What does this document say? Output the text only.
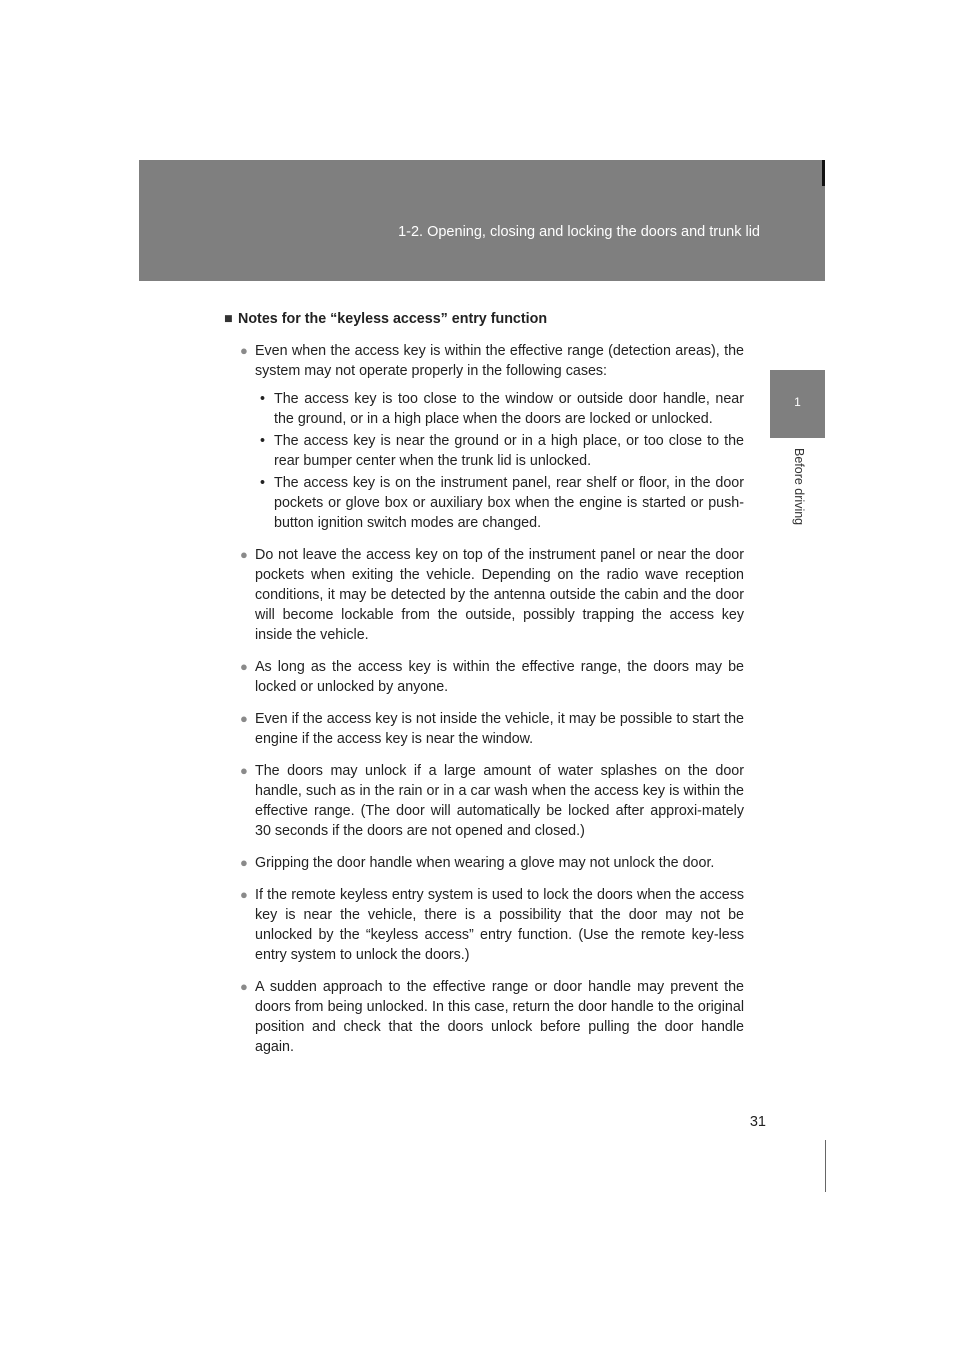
1-2. Opening, closing and locking the doors and trunk lid
1
Before driving
■ Notes for the “keyless access” entry function
● Even when the access key is within the effective range (detection areas), the system may not operate properly in the following cases:
• The access key is too close to the window or outside door handle, near the ground, or in a high place when the doors are locked or unlocked.
• The access key is near the ground or in a high place, or too close to the rear bumper center when the trunk lid is unlocked.
• The access key is on the instrument panel, rear shelf or floor, in the door pockets or glove box or auxiliary box when the engine is started or push-button ignition switch modes are changed.
● Do not leave the access key on top of the instrument panel or near the door pockets when exiting the vehicle. Depending on the radio wave reception conditions, it may be detected by the antenna outside the cabin and the door will become lockable from the outside, possibly trapping the access key inside the vehicle.
● As long as the access key is within the effective range, the doors may be locked or unlocked by anyone.
● Even if the access key is not inside the vehicle, it may be possible to start the engine if the access key is near the window.
● The doors may unlock if a large amount of water splashes on the door handle, such as in the rain or in a car wash when the access key is within the effective range. (The door will automatically be locked after approxi-mately 30 seconds if the doors are not opened and closed.)
● Gripping the door handle when wearing a glove may not unlock the door.
● If the remote keyless entry system is used to lock the doors when the access key is near the vehicle, there is a possibility that the door may not be unlocked by the “keyless access” entry function. (Use the remote key-less entry system to unlock the doors.)
● A sudden approach to the effective range or door handle may prevent the doors from being unlocked. In this case, return the door handle to the original position and check that the doors unlock before pulling the door handle again.
31
